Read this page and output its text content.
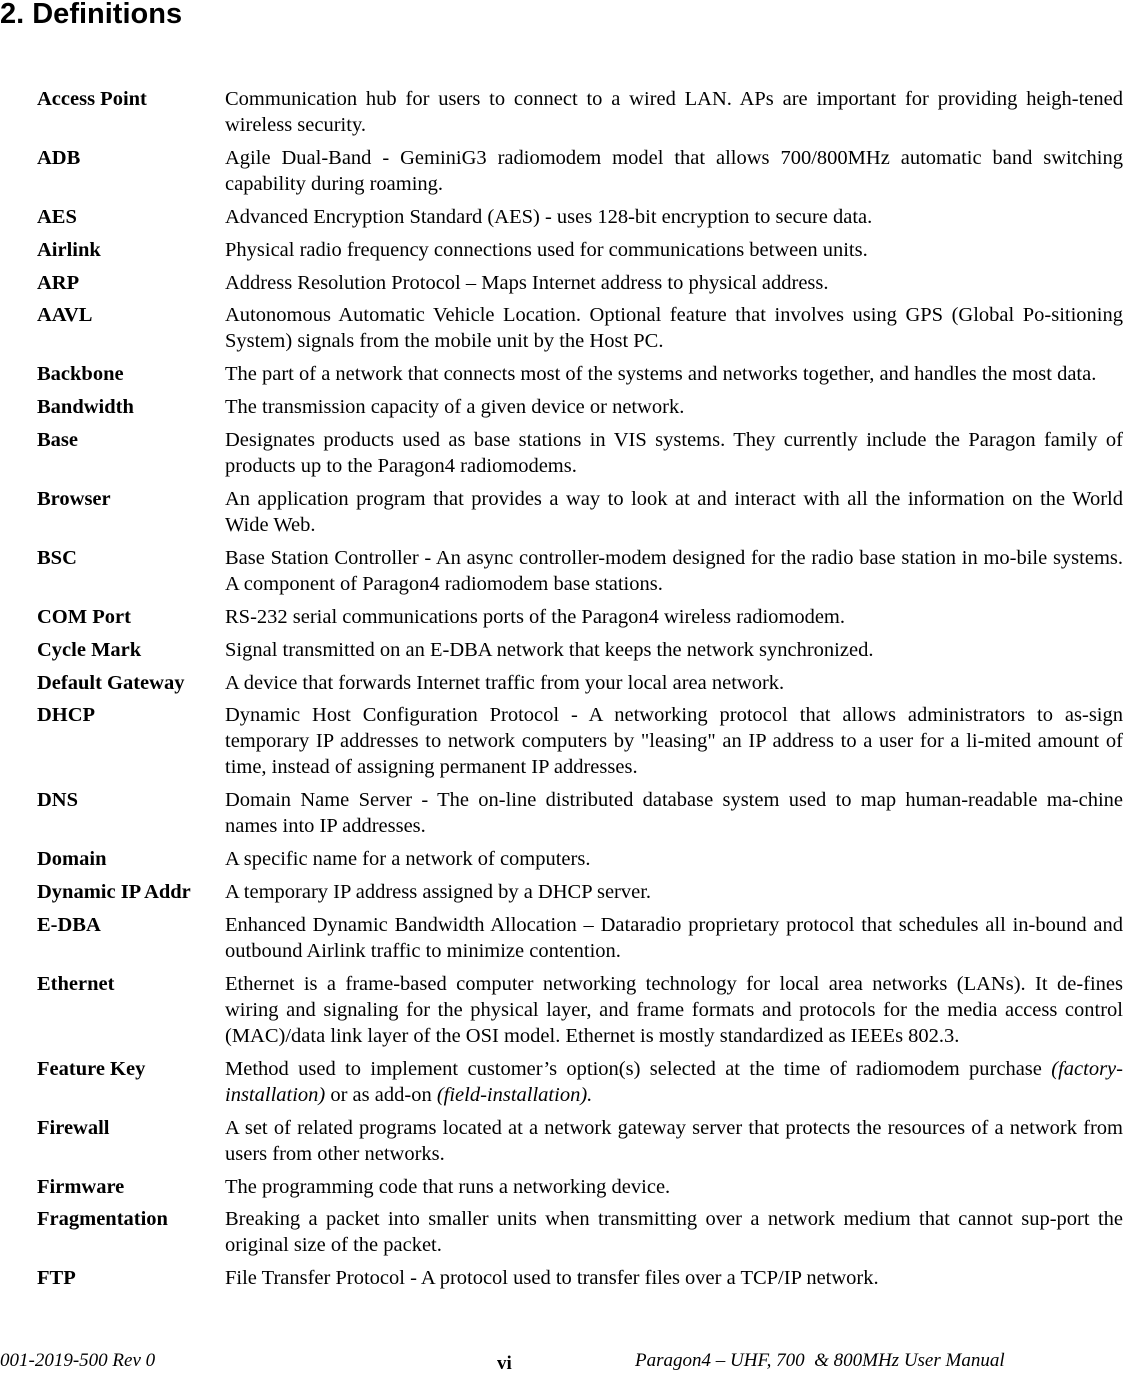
2. Definitions
Access Point	Communication hub for users to connect to a wired LAN. APs are important for providing heigh-tened wireless security.
ADB	Agile Dual-Band - GeminiG3 radiomodem model that allows 700/800MHz automatic band switching capability during roaming.
AES	Advanced Encryption Standard (AES) - uses 128-bit encryption to secure data.
Airlink	Physical radio frequency connections used for communications between units.
ARP	Address Resolution Protocol – Maps Internet address to physical address.
AAVL	Autonomous Automatic Vehicle Location. Optional feature that involves using GPS (Global Po-sitioning System) signals from the mobile unit by the Host PC.
Backbone	The part of a network that connects most of the systems and networks together, and handles the most data.
Bandwidth	The transmission capacity of a given device or network.
Base	Designates products used as base stations in VIS systems. They currently include the Paragon family of products up to the Paragon4 radiomodems.
Browser	An application program that provides a way to look at and interact with all the information on the World Wide Web.
BSC	Base Station Controller - An async controller-modem designed for the radio base station in mo-bile systems. A component of Paragon4 radiomodem base stations.
COM Port	RS-232 serial communications ports of the Paragon4 wireless radiomodem.
Cycle Mark	Signal transmitted on an E-DBA network that keeps the network synchronized.
Default Gateway	A device that forwards Internet traffic from your local area network.
DHCP	Dynamic Host Configuration Protocol - A networking protocol that allows administrators to as-sign temporary IP addresses to network computers by "leasing" an IP address to a user for a li-mited amount of time, instead of assigning permanent IP addresses.
DNS	Domain Name Server - The on-line distributed database system used to map human-readable ma-chine names into IP addresses.
Domain	A specific name for a network of computers.
Dynamic IP Addr	A temporary IP address assigned by a DHCP server.
E-DBA	Enhanced Dynamic Bandwidth Allocation – Dataradio proprietary protocol that schedules all in-bound and outbound Airlink traffic to minimize contention.
Ethernet	Ethernet is a frame-based computer networking technology for local area networks (LANs). It de-fines wiring and signaling for the physical layer, and frame formats and protocols for the media access control (MAC)/data link layer of the OSI model. Ethernet is mostly standardized as IEEEs 802.3.
Feature Key	Method used to implement customer’s option(s) selected at the time of radiomodem purchase (factory-installation) or as add-on (field-installation).
Firewall	A set of related programs located at a network gateway server that protects the resources of a network from users from other networks.
Firmware	The programming code that runs a networking device.
Fragmentation	Breaking a packet into smaller units when transmitting over a network medium that cannot sup-port the original size of the packet.
FTP	File Transfer Protocol - A protocol used to transfer files over a TCP/IP network.
001-2019-500 Rev 0	vi	Paragon4 – UHF, 700  & 800MHz User Manual
